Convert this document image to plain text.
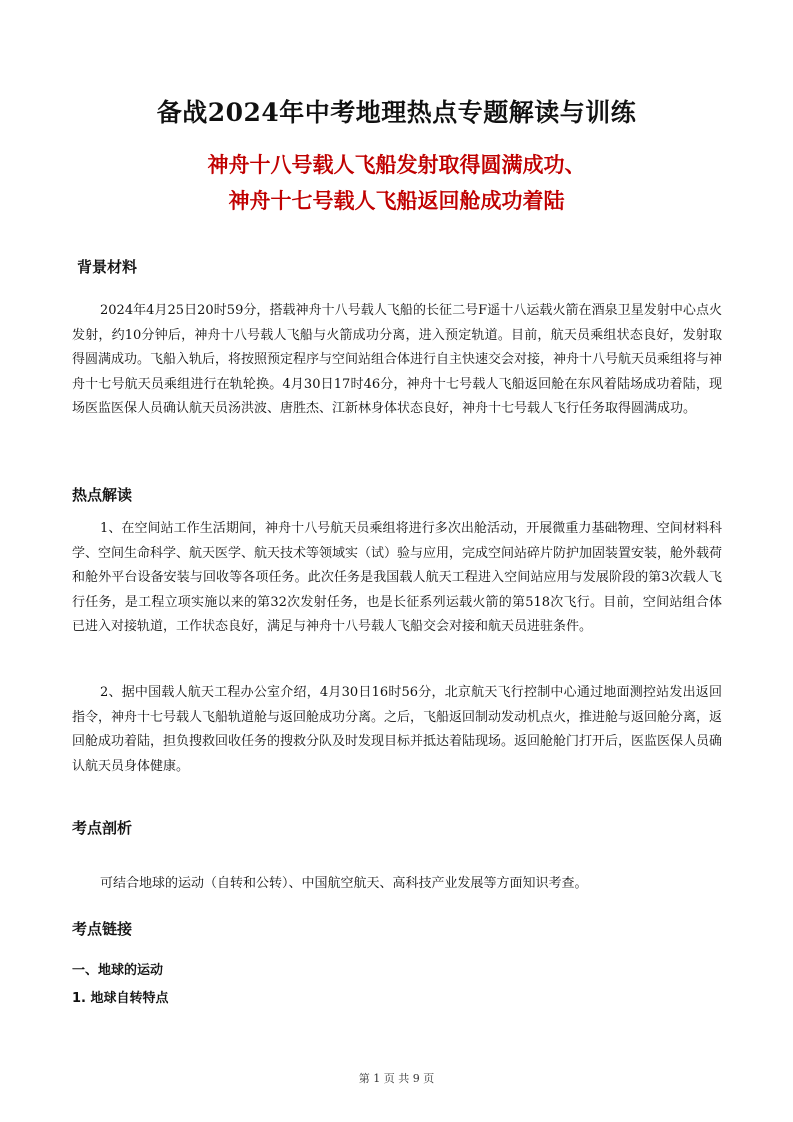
备战2024年中考地理热点专题解读与训练
神舟十八号载人飞船发射取得圆满成功、
神舟十七号载人飞船返回舱成功着陆
背景材料

2024年4月25日20时59分，搭载神舟十八号载人飞船的长征二号F遥十八运载火箭在酒泉卫星发射中心点火发射，约10分钟后，神舟十八号载人飞船与火箭成功分离，进入预定轨道。目前，航天员乘组状态良好，发射取得圆满成功。飞船入轨后，将按照预定程序与空间站组合体进行自主快速交会对接，神舟十八号航天员乘组将与神舟十七号航天员乘组进行在轨轮换。4月30日17时46分，神舟十七号载人飞船返回舱在东风着陆场成功着陆，现场医监医保人员确认航天员汤洪波、唐胜杰、江新林身体状态良好，神舟十七号载人飞行任务取得圆满成功。

热点解读

1、在空间站工作生活期间，神舟十八号航天员乘组将进行多次出舱活动，开展微重力基础物理、空间材料科学、空间生命科学、航天医学、航天技术等领域实（试）验与应用，完成空间站碎片防护加固装置安装，舱外载荷和舱外平台设备安装与回收等各项任务。此次任务是我国载人航天工程进入空间站应用与发展阶段的第3次载人飞行任务，是工程立项实施以来的第32次发射任务，也是长征系列运载火箭的第518次飞行。目前，空间站组合体已进入对接轨道，工作状态良好，满足与神舟十八号载人飞船交会对接和航天员进驻条件。

2、据中国载人航天工程办公室介绍，4月30日16时56分，北京航天飞行控制中心通过地面测控站发出返回指令，神舟十七号载人飞船轨道舱与返回舱成功分离。之后，飞船返回制动发动机点火，推进舱与返回舱分离，返回舱成功着陆，担负搜救回收任务的搜救分队及时发现目标并抵达着陆现场。返回舱舱门打开后，医监医保人员确认航天员身体健康。

考点剖析

可结合地球的运动（自转和公转）、中国航空航天、高科技产业发展等方面知识考查。

考点链接
一、地球的运动
1. 地球自转特点
第 1 页 共 9 页
